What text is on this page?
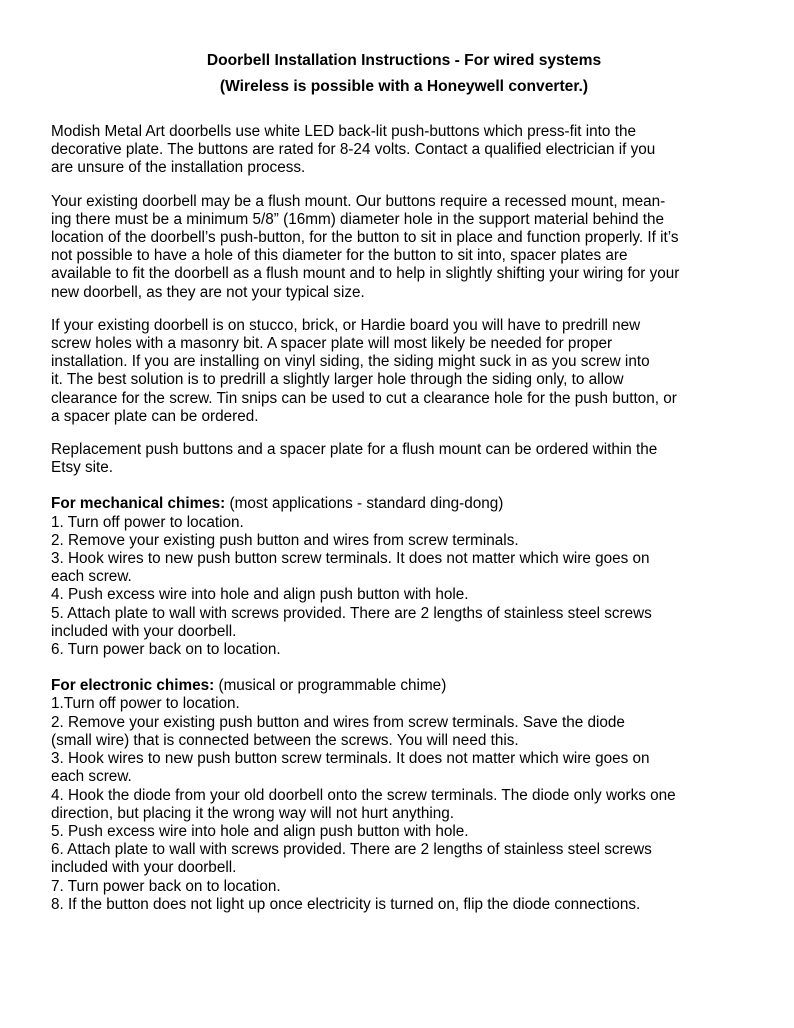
Doorbell Installation Instructions - For wired systems
(Wireless is possible with a Honeywell converter.)
Modish Metal Art doorbells use white LED back-lit push-buttons which press-fit into the
decorative plate. The buttons are rated for 8-24 volts. Contact a qualified electrician if you
are unsure of the installation process.
Your existing doorbell may be a flush mount. Our buttons require a recessed mount, mean-
ing there must be a minimum 5/8” (16mm) diameter hole in the support material behind the
location of the doorbell’s push-button, for the button to sit in place and function properly. If it’s
not possible to have a hole of this diameter for the button to sit into, spacer plates are
available to fit the doorbell as a flush mount and to help in slightly shifting your wiring for your
new doorbell, as they are not your typical size.
If your existing doorbell is on stucco, brick, or Hardie board you will have to predrill new
screw holes with a masonry bit. A spacer plate will most likely be needed for proper
installation. If you are installing on vinyl siding, the siding might suck in as you screw into
it. The best solution is to predrill a slightly larger hole through the siding only, to allow
clearance for the screw. Tin snips can be used to cut a clearance hole for the push button, or
a spacer plate can be ordered.
Replacement push buttons and a spacer plate for a flush mount can be ordered within the
Etsy site.
For mechanical chimes: (most applications - standard ding-dong)
1. Turn off power to location.
2. Remove your existing push button and wires from screw terminals.
3. Hook wires to new push button screw terminals. It does not matter which wire goes on
each screw.
4. Push excess wire into hole and align push button with hole.
5. Attach plate to wall with screws provided. There are 2 lengths of stainless steel screws
included with your doorbell.
6. Turn power back on to location.
For electronic chimes: (musical or programmable chime)
1.Turn off power to location.
2. Remove your existing push button and wires from screw terminals. Save the diode
(small wire) that is connected between the screws. You will need this.
3. Hook wires to new push button screw terminals. It does not matter which wire goes on
each screw.
4. Hook the diode from your old doorbell onto the screw terminals. The diode only works one
direction, but placing it the wrong way will not hurt anything.
5. Push excess wire into hole and align push button with hole.
6. Attach plate to wall with screws provided. There are 2 lengths of stainless steel screws
included with your doorbell.
7. Turn power back on to location.
8. If the button does not light up once electricity is turned on, flip the diode connections.
